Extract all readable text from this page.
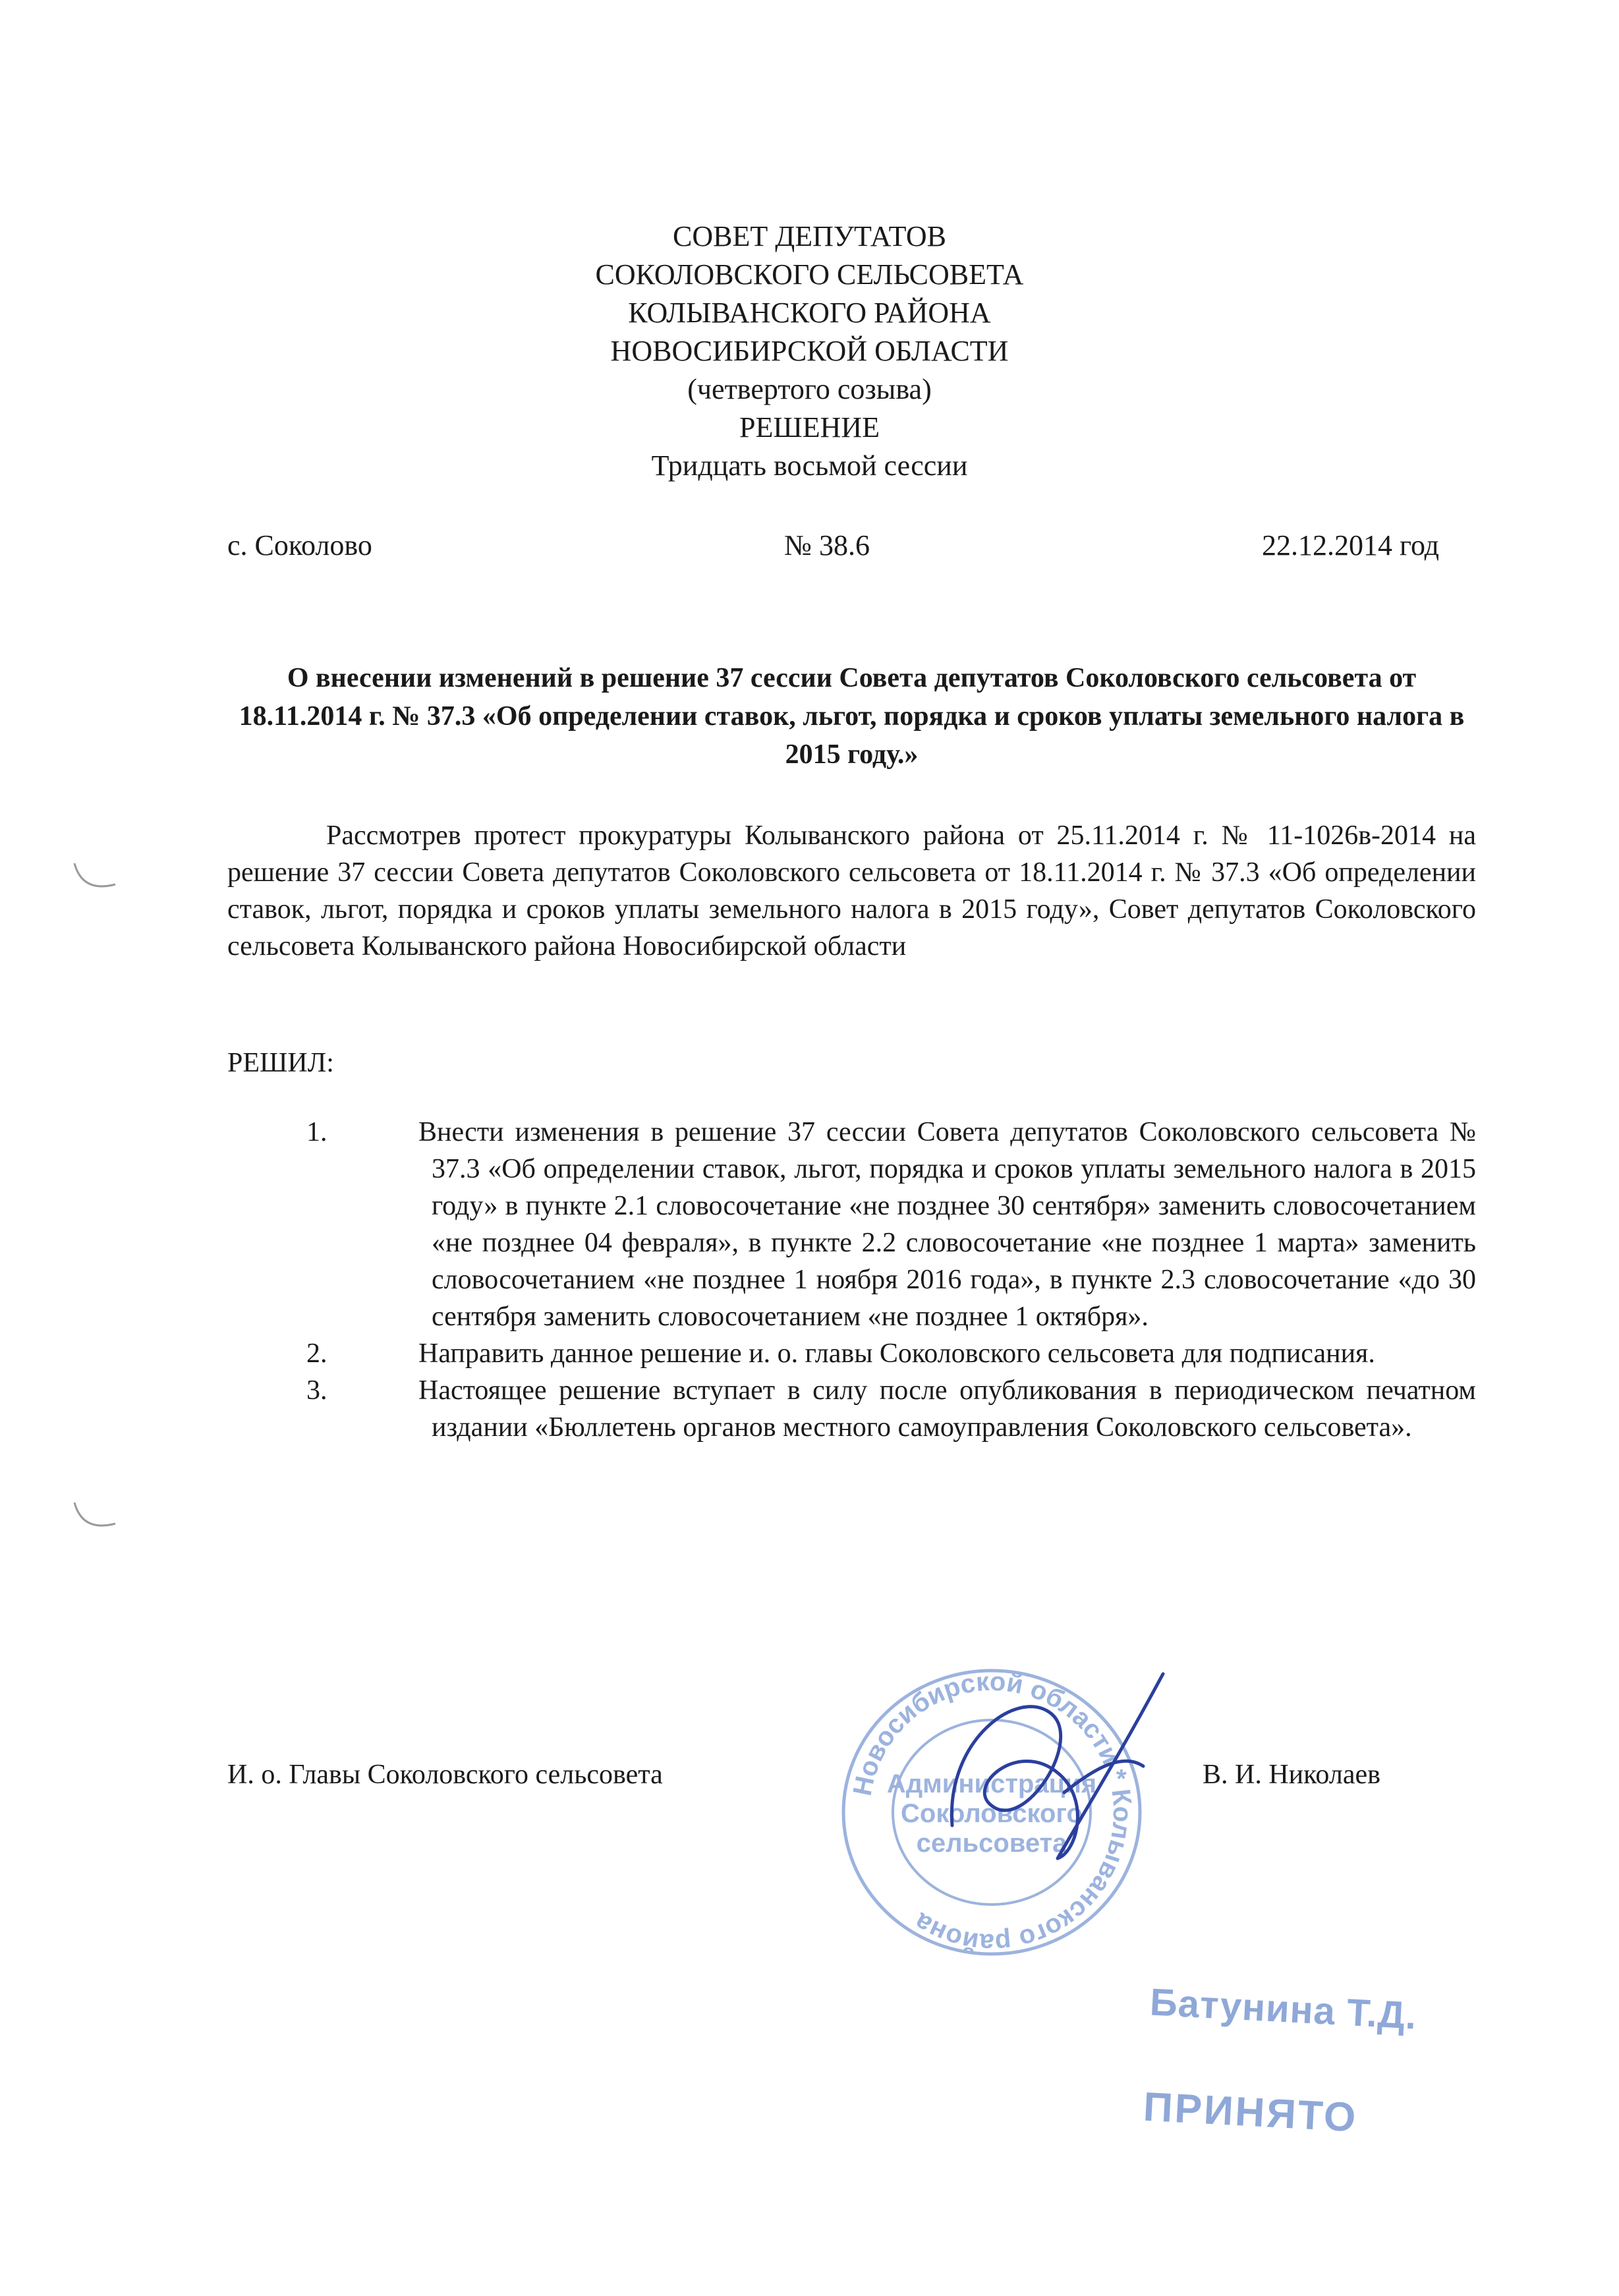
СОВЕТ ДЕПУТАТОВ
СОКОЛОВСКОГО СЕЛЬСОВЕТА
КОЛЫВАНСКОГО РАЙОНА
НОВОСИБИРСКОЙ ОБЛАСТИ
(четвертого созыва)
РЕШЕНИЕ
Тридцать восьмой сессии
с. Соколово	№ 38.6	22.12.2014 год
О внесении изменений в решение 37 сессии Совета депутатов Соколовского сельсовета от 18.11.2014 г. № 37.3 «Об определении ставок, льгот, порядка и сроков уплаты земельного налога в 2015 году.»
Рассмотрев протест прокуратуры Колыванского района от 25.11.2014 г. № 11-1026в-2014 на решение 37 сессии Совета депутатов Соколовского сельсовета от 18.11.2014 г. № 37.3 «Об определении ставок, льгот, порядка и сроков уплаты земельного налога в 2015 году», Совет депутатов Соколовского сельсовета Колыванского района Новосибирской области
РЕШИЛ:
1.	Внести изменения в решение 37 сессии Совета депутатов Соколовского сельсовета № 37.3 «Об определении ставок, льгот, порядка и сроков уплаты земельного налога в 2015 году» в пункте 2.1 словосочетание «не позднее 30 сентября» заменить словосочетанием «не позднее 04 февраля», в пункте 2.2 словосочетание «не позднее 1 марта» заменить словосочетанием «не позднее 1 ноября 2016 года», в пункте 2.3 словосочетание «до 30 сентября заменить словосочетанием «не позднее 1 октября».
2.	Направить данное решение и. о. главы Соколовского сельсовета для подписания.
3.	Настоящее решение вступает в силу после опубликования в периодическом печатном издании «Бюллетень органов местного самоуправления Соколовского сельсовета».
И. о. Главы Соколовского сельсовета	В. И. Николаев
Новосибирской области * Колыванского района
Администрация
Соколовского
сельсовета
Батунина Т.Д.
ПРИНЯТО
